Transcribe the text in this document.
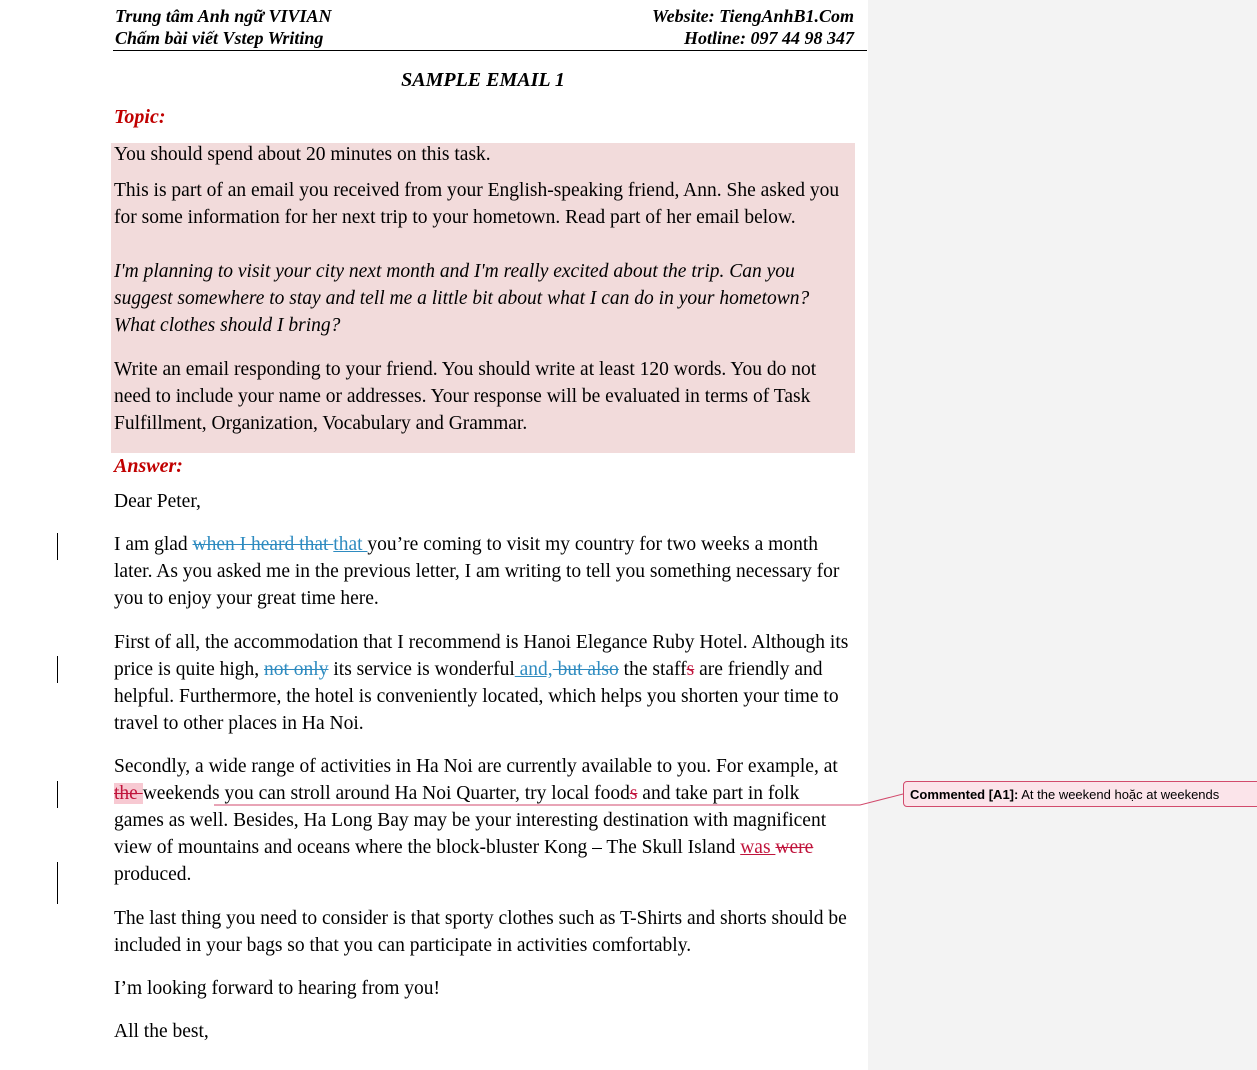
Trung tâm Anh ngữ VIVIAN
Chấm bài viết Vstep Writing
Website: TiengAnhB1.Com
Hotline: 097 44 98 347
SAMPLE EMAIL 1
Topic:
You should spend about 20 minutes on this task.
This is part of an email you received from your English-speaking friend, Ann. She asked you for some information for her next trip to your hometown. Read part of her email below.
I'm planning to visit your city next month and I'm really excited about the trip. Can you suggest somewhere to stay and tell me a little bit about what I can do in your hometown? What clothes should I bring?
Write an email responding to your friend. You should write at least 120 words. You do not need to include your name or addresses. Your response will be evaluated in terms of Task Fulfillment, Organization, Vocabulary and Grammar.
Answer:
Dear Peter,
I am glad when I heard that that you’re coming to visit my country for two weeks a month later. As you asked me in the previous letter, I am writing to tell you something necessary for you to enjoy your great time here.
First of all, the accommodation that I recommend is Hanoi Elegance Ruby Hotel. Although its price is quite high, not only its service is wonderful and, but also the staffs are friendly and helpful. Furthermore, the hotel is conveniently located, which helps you shorten your time to travel to other places in Ha Noi.
Secondly, a wide range of activities in Ha Noi are currently available to you. For example, at the weekends you can stroll around Ha Noi Quarter, try local foods and take part in folk games as well. Besides, Ha Long Bay may be your interesting destination with magnificent view of mountains and oceans where the block-bluster Kong – The Skull Island was were produced.
The last thing you need to consider is that sporty clothes such as T-Shirts and shorts should be included in your bags so that you can participate in activities comfortably.
I’m looking forward to hearing from you!
All the best,
Commented [A1]: At the weekend hoặc at weekends
